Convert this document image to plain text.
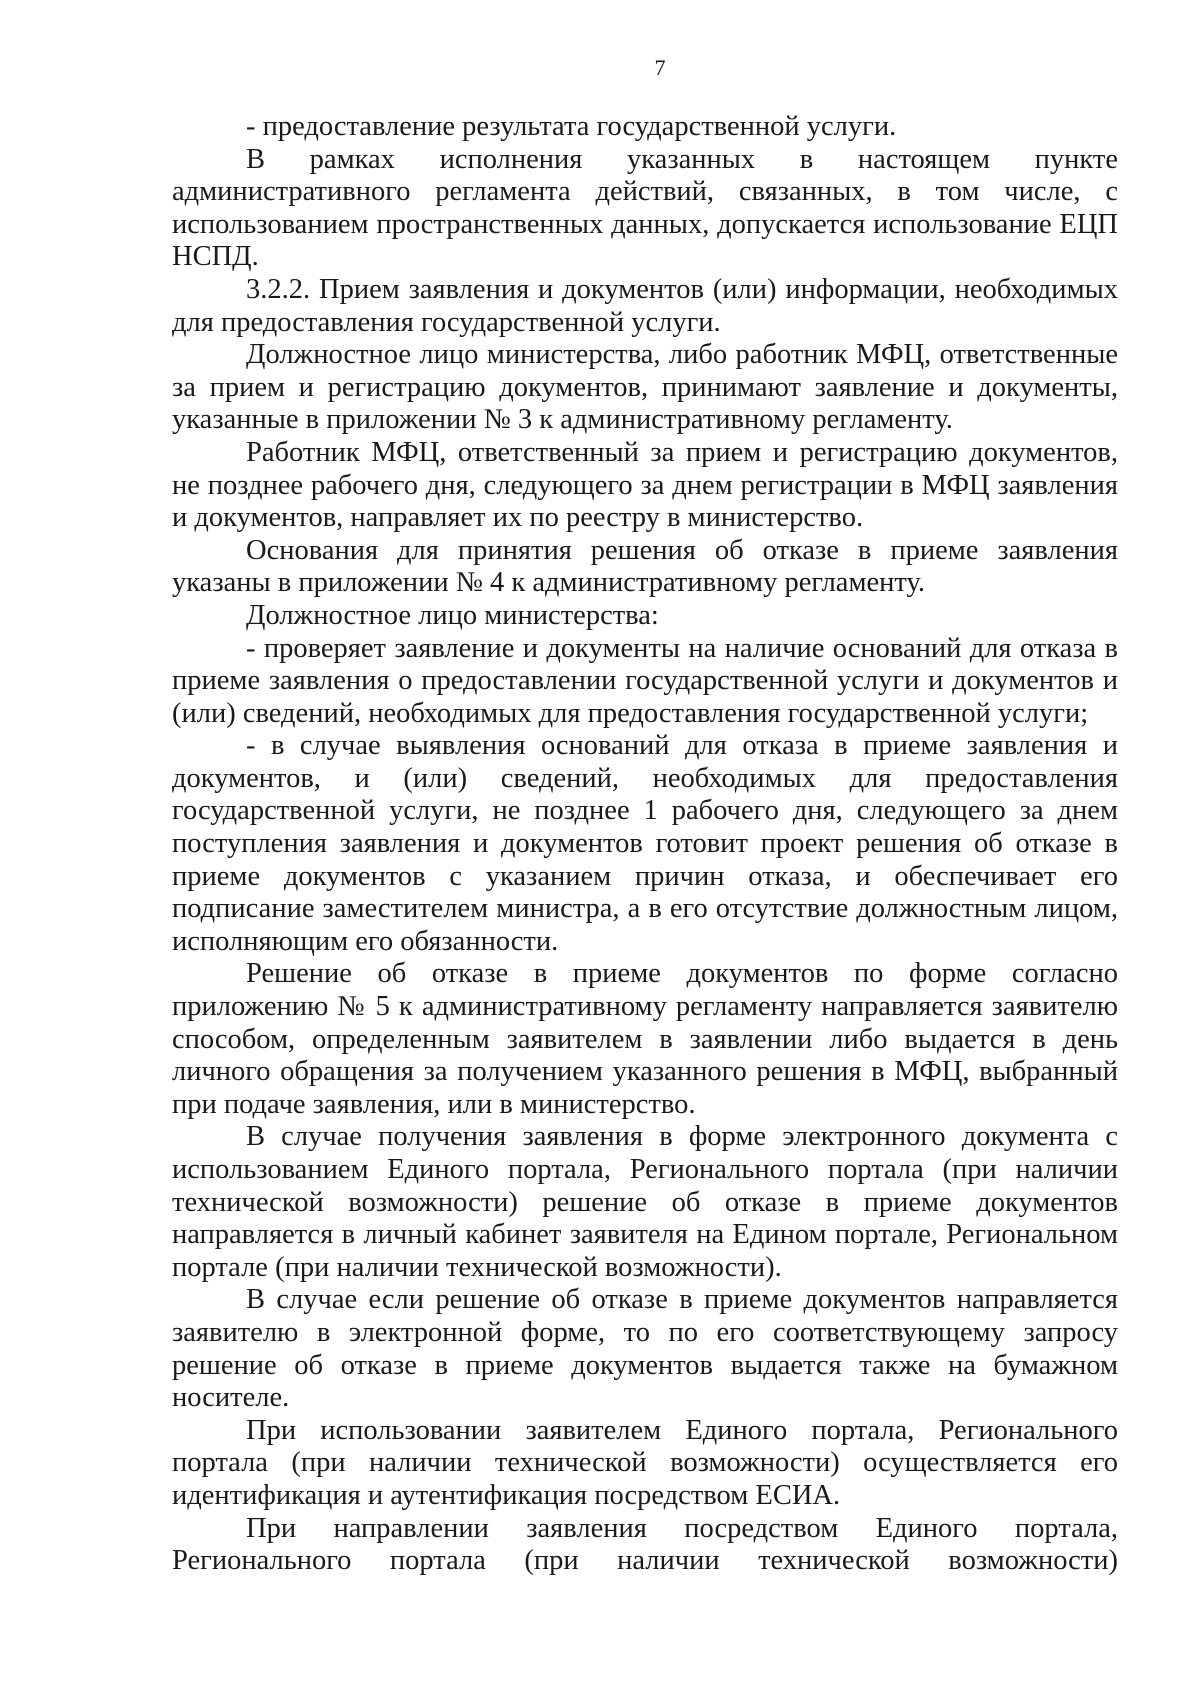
7

- предоставление результата государственной услуги.

В рамках исполнения указанных в настоящем пункте административного регламента действий, связанных, в том числе, с использованием пространственных данных, допускается использование ЕЦП НСПД.

3.2.2. Прием заявления и документов (или) информации, необходимых для предоставления государственной услуги.

Должностное лицо министерства, либо работник МФЦ, ответственные за прием и регистрацию документов, принимают заявление и документы, указанные в приложении № 3 к административному регламенту.

Работник МФЦ, ответственный за прием и регистрацию документов, не позднее рабочего дня, следующего за днем регистрации в МФЦ заявления и документов, направляет их по реестру в министерство.

Основания для принятия решения об отказе в приеме заявления указаны в приложении № 4 к административному регламенту.

Должностное лицо министерства:

- проверяет заявление и документы на наличие оснований для отказа в приеме заявления о предоставлении государственной услуги и документов и (или) сведений, необходимых для предоставления государственной услуги;

- в случае выявления оснований для отказа в приеме заявления и документов, и (или) сведений, необходимых для предоставления государственной услуги, не позднее 1 рабочего дня, следующего за днем поступления заявления и документов готовит проект решения об отказе в приеме документов с указанием причин отказа, и обеспечивает его подписание заместителем министра, а в его отсутствие должностным лицом, исполняющим его обязанности.

Решение об отказе в приеме документов по форме согласно приложению № 5 к административному регламенту направляется заявителю способом, определенным заявителем в заявлении либо выдается в день личного обращения за получением указанного решения в МФЦ, выбранный при подаче заявления, или в министерство.

В случае получения заявления в форме электронного документа с использованием Единого портала, Регионального портала (при наличии технической возможности) решение об отказе в приеме документов направляется в личный кабинет заявителя на Едином портале, Региональном портале (при наличии технической возможности).

В случае если решение об отказе в приеме документов направляется заявителю в электронной форме, то по его соответствующему запросу решение об отказе в приеме документов выдается также на бумажном носителе.

При использовании заявителем Единого портала, Регионального портала (при наличии технической возможности) осуществляется его идентификация и аутентификация посредством ЕСИА.

При направлении заявления посредством Единого портала, Регионального портала (при наличии технической возможности)
